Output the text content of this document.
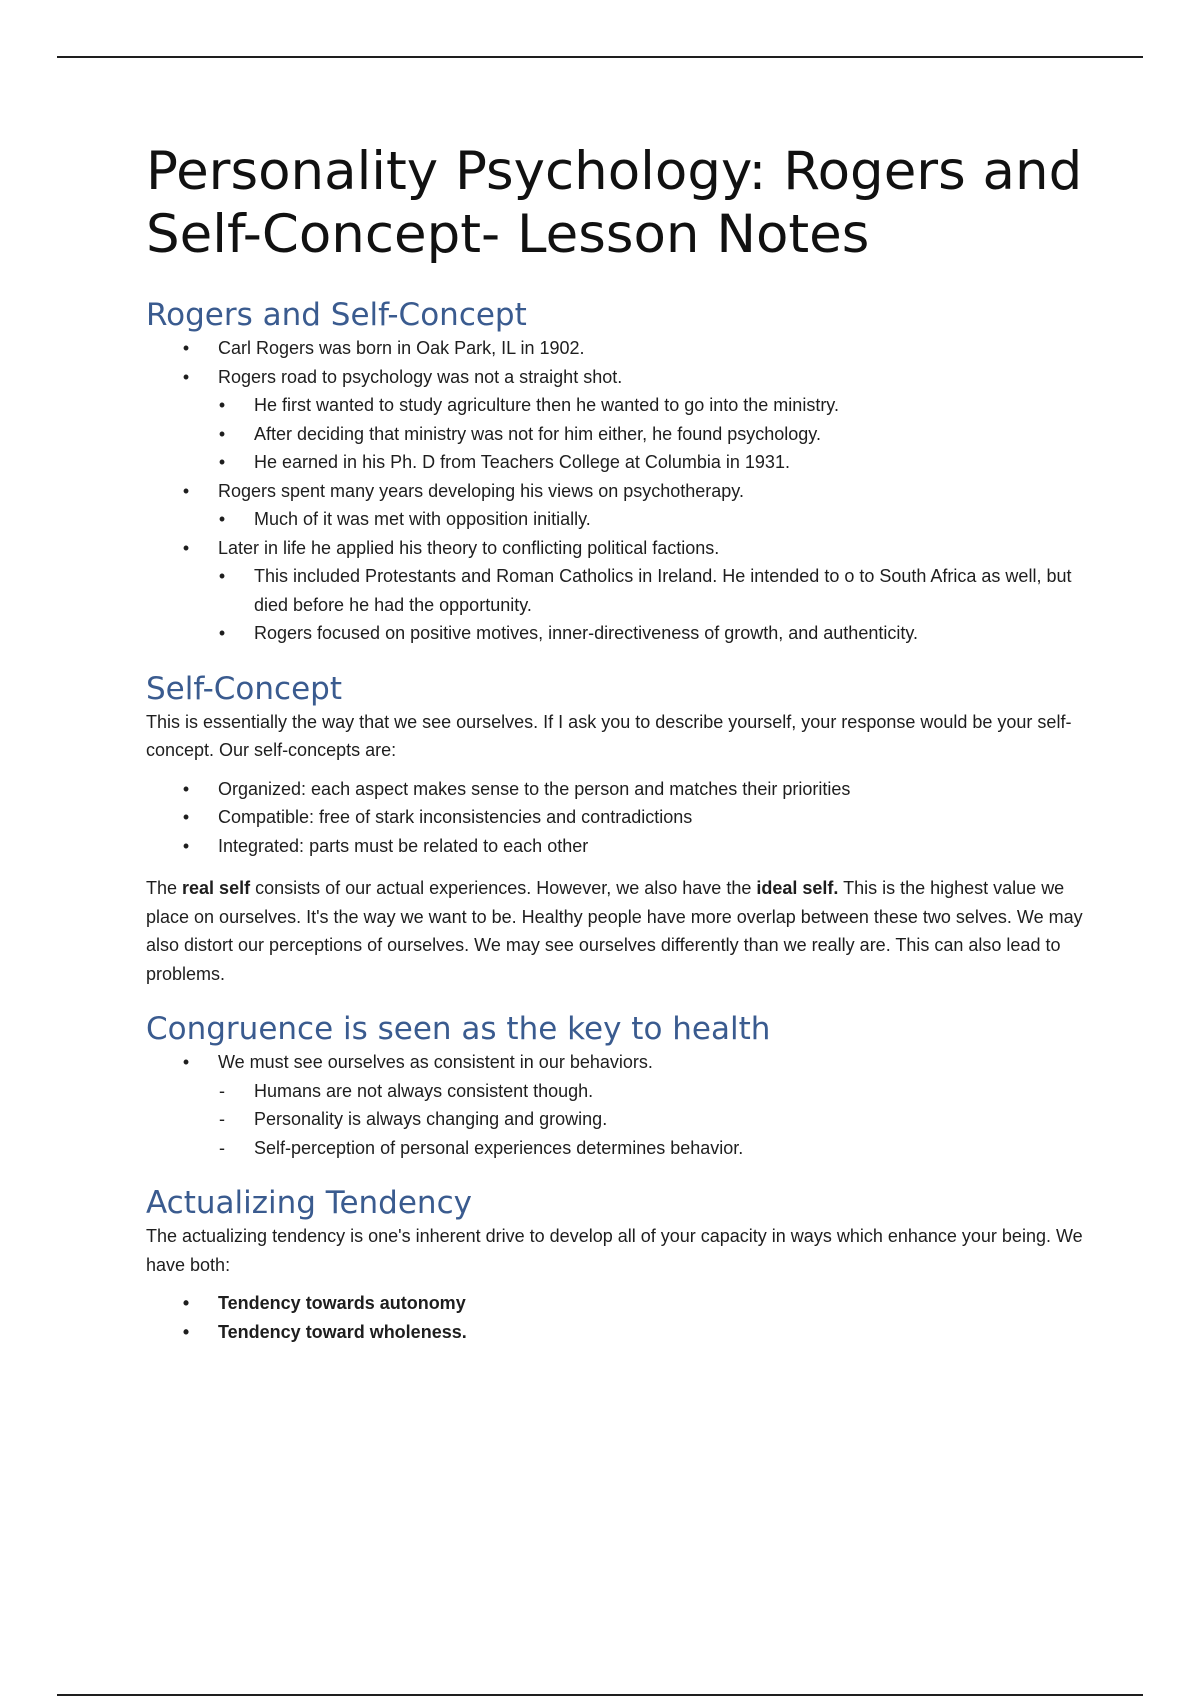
Personality Psychology: Rogers and Self-Concept- Lesson Notes
Rogers and Self-Concept
•	Carl Rogers was born in Oak Park, IL in 1902.
•	Rogers road to psychology was not a straight shot.
•	He first wanted to study agriculture then he wanted to go into the ministry.
•	After deciding that ministry was not for him either, he found psychology.
•	He earned in his Ph. D from Teachers College at Columbia in 1931.
•	Rogers spent many years developing his views on psychotherapy.
•	Much of it was met with opposition initially.
•	Later in life he applied his theory to conflicting political factions.
•	This included Protestants and Roman Catholics in Ireland. He intended to o to South Africa as well, but died before he had the opportunity.
•	Rogers focused on positive motives, inner-directiveness of growth, and authenticity.
Self-Concept

This is essentially the way that we see ourselves. If I ask you to describe yourself, your response would be your self-concept. Our self-concepts are:

•	Organized: each aspect makes sense to the person and matches their priorities
•	Compatible: free of stark inconsistencies and contradictions
•	Integrated: parts must be related to each other

The real self consists of our actual experiences. However, we also have the ideal self. This is the highest value we place on ourselves. It's the way we want to be. Healthy people have more overlap between these two selves. We may also distort our perceptions of ourselves. We may see ourselves differently than we really are. This can also lead to problems.

Congruence is seen as the key to health
•	We must see ourselves as consistent in our behaviors.
-	Humans are not always consistent though.
-	Personality is always changing and growing.
-	Self-perception of personal experiences determines behavior.
Actualizing Tendency

The actualizing tendency is one's inherent drive to develop all of your capacity in ways which enhance your being. We have both:

•	Tendency towards autonomy
•	Tendency toward wholeness.
